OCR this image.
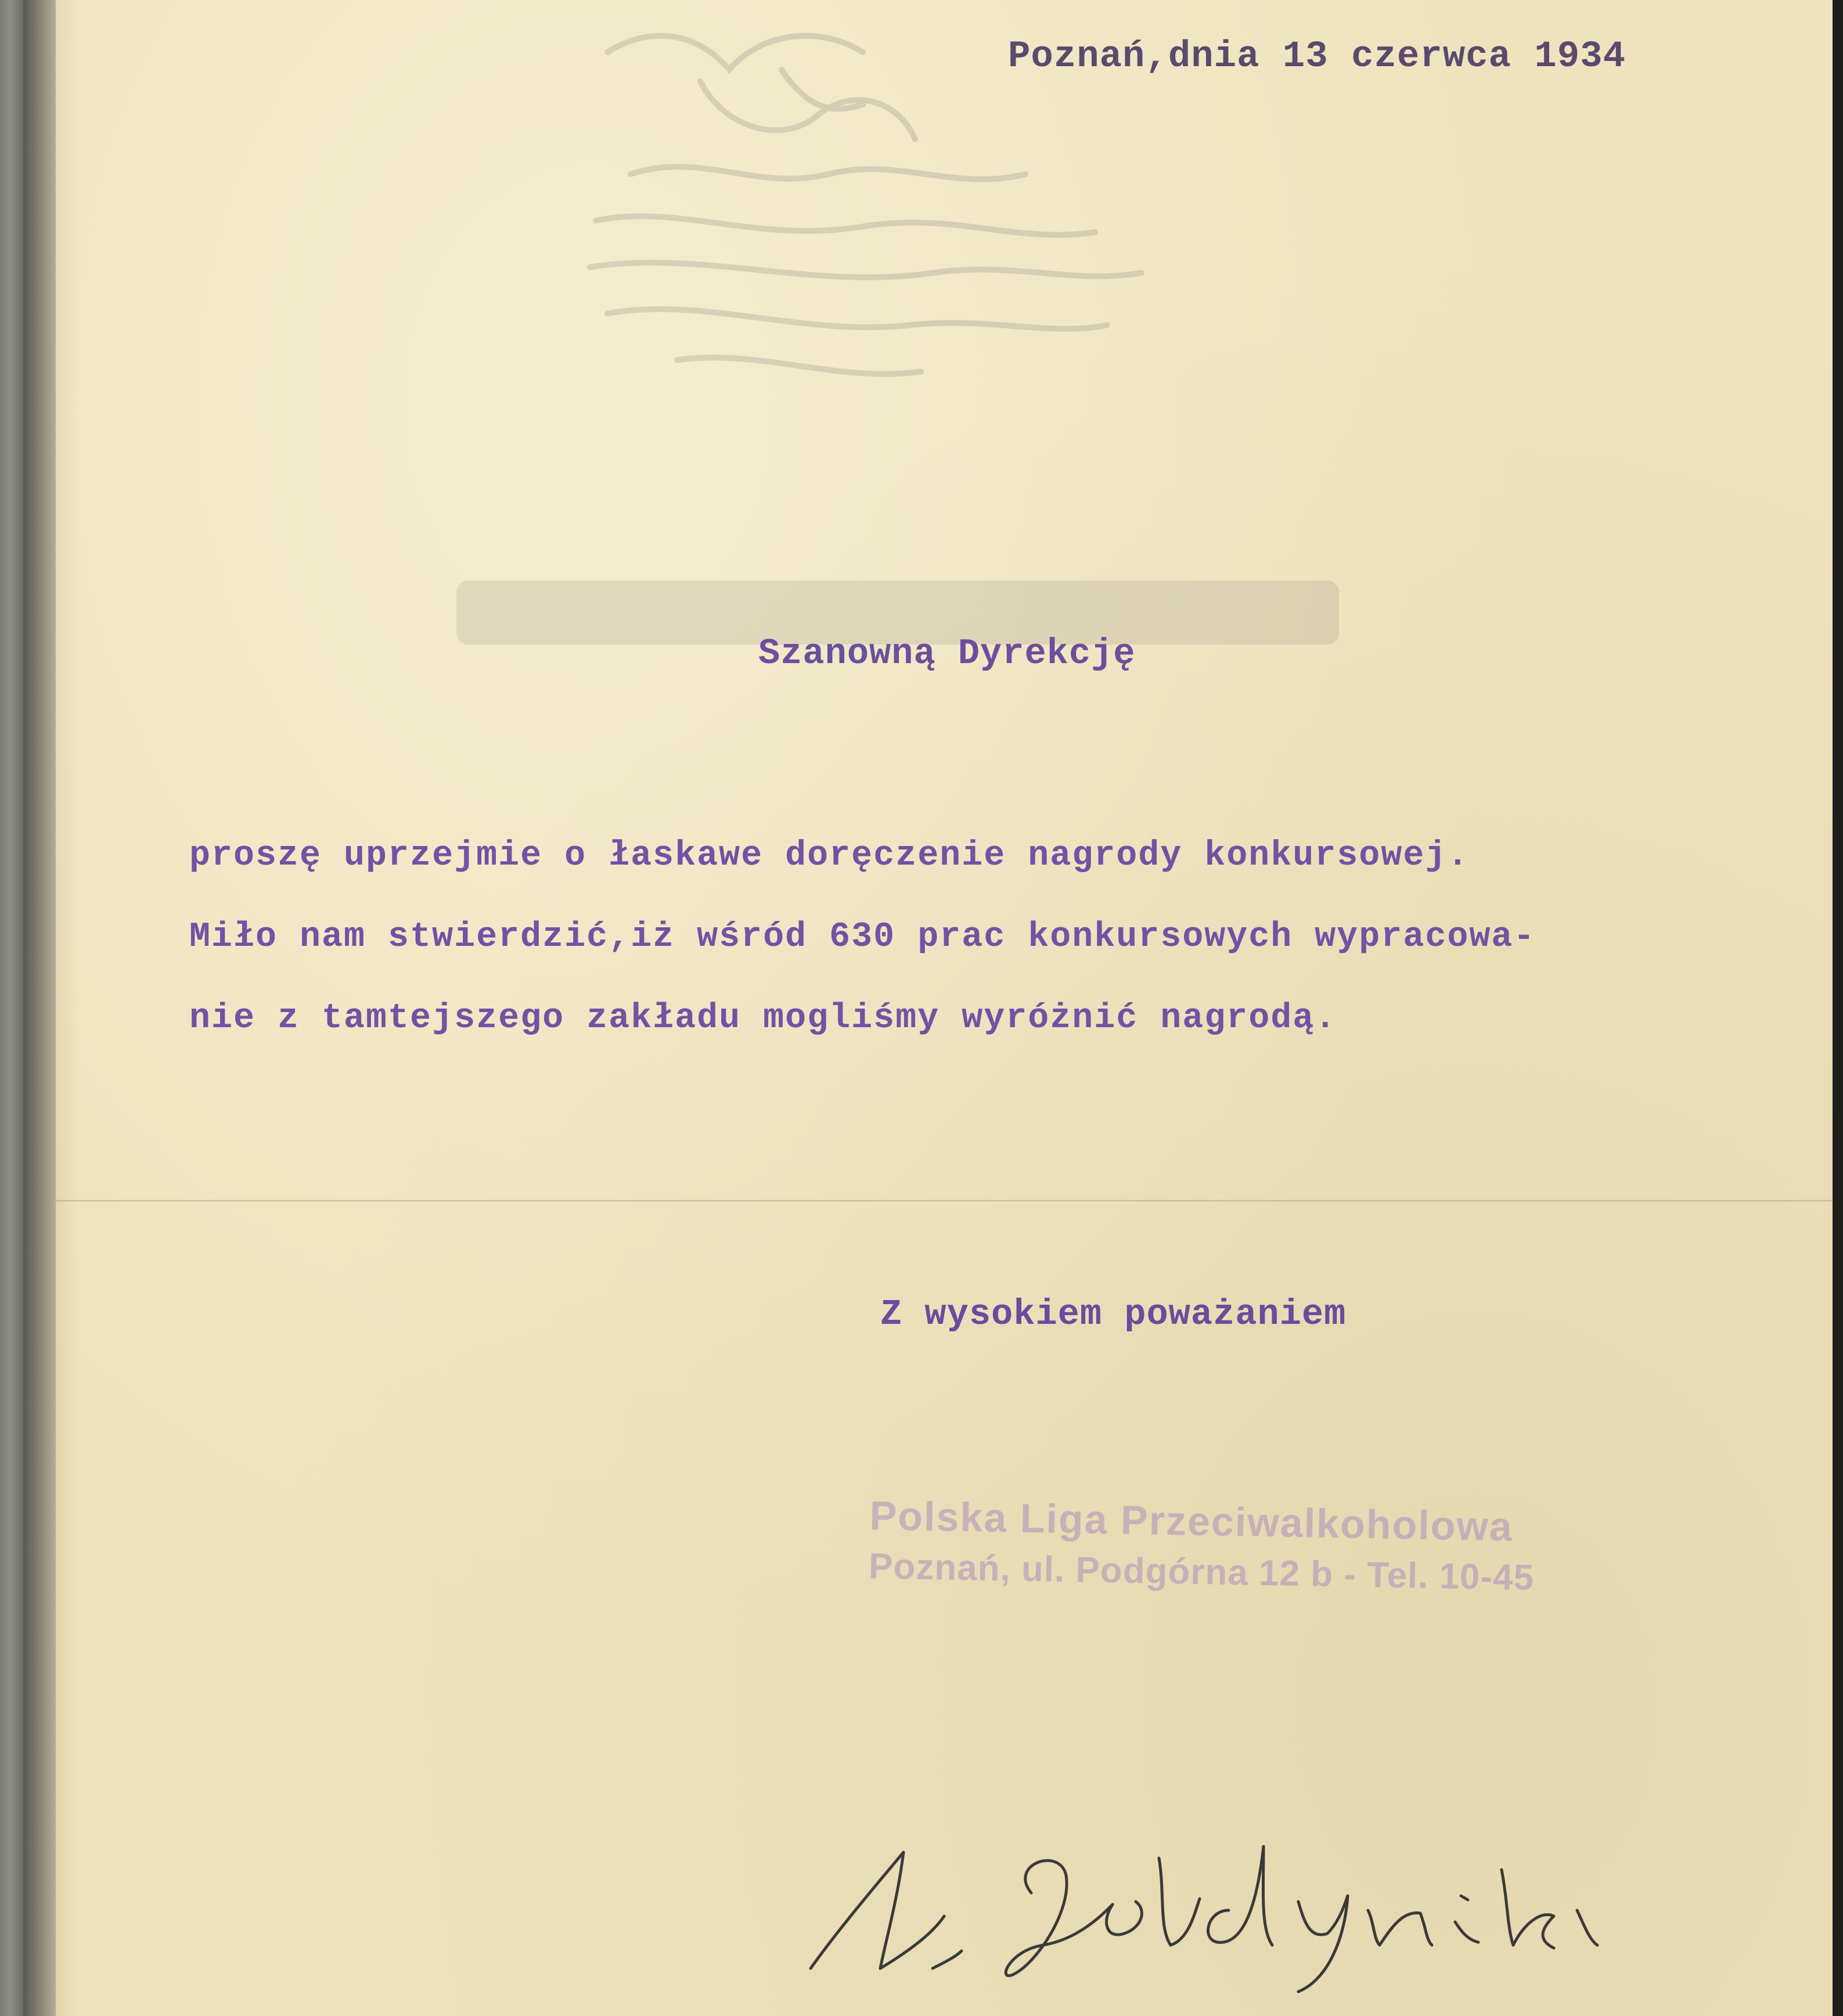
Poznań,dnia 13 czerwca 1934

Szanowną Dyrekcję

proszę uprzejmie o łaskawe doręczenie nagrody konkursowej.

Miło nam stwierdzić,iż wśród 630 prac konkursowych wypracowa-

nie z tamtejszego zakładu mogliśmy wyróżnić nagrodą.

Z wysokiem poważaniem

Polska Liga Przeciwalkoholowa
Poznań, ul. Podgórna 12 b - Tel. 10-45
